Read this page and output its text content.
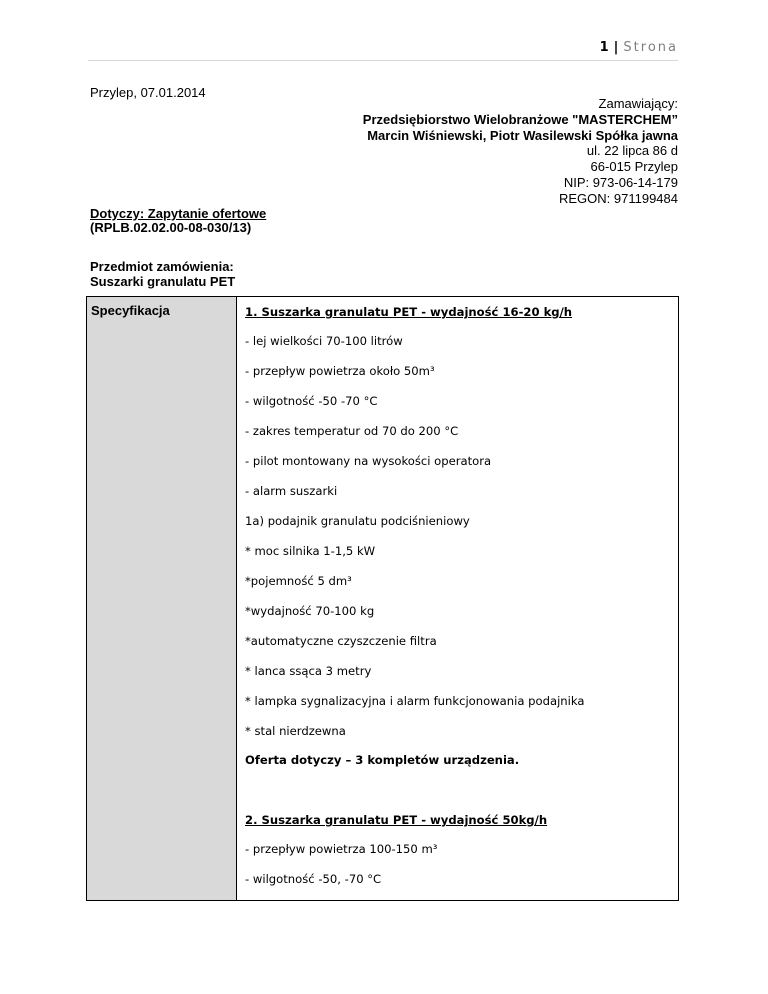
1 | Strona
Przylep, 07.01.2014
Zamawiający:
Przedsiębiorstwo Wielobranżowe "MASTERCHEM”
Marcin Wiśniewski, Piotr Wasilewski Spółka jawna
ul. 22 lipca 86 d
66-015 Przylep
NIP: 973-06-14-179
REGON: 971199484
Dotyczy: Zapytanie ofertowe
(RPLB.02.02.00-08-030/13)
Przedmiot zamówienia:
Suszarki granulatu PET
Specyfikacja	1. Suszarka granulatu PET - wydajność 16-20 kg/h
- lej wielkości 70-100 litrów
- przepływ powietrza około 50m³
- wilgotność -50 -70 °C
- zakres temperatur od 70 do 200 °C
- pilot montowany na wysokości operatora
- alarm suszarki
1a) podajnik granulatu podciśnieniowy
* moc silnika 1-1,5 kW
*pojemność 5 dm³
*wydajność 70-100 kg
*automatyczne czyszczenie filtra
* lanca ssąca 3 metry
* lampka sygnalizacyjna i alarm funkcjonowania podajnika
* stal nierdzewna
Oferta dotyczy – 3 kompletów urządzenia.
2. Suszarka granulatu PET - wydajność 50kg/h
- przepływ powietrza 100-150 m³
- wilgotność -50, -70 °C
